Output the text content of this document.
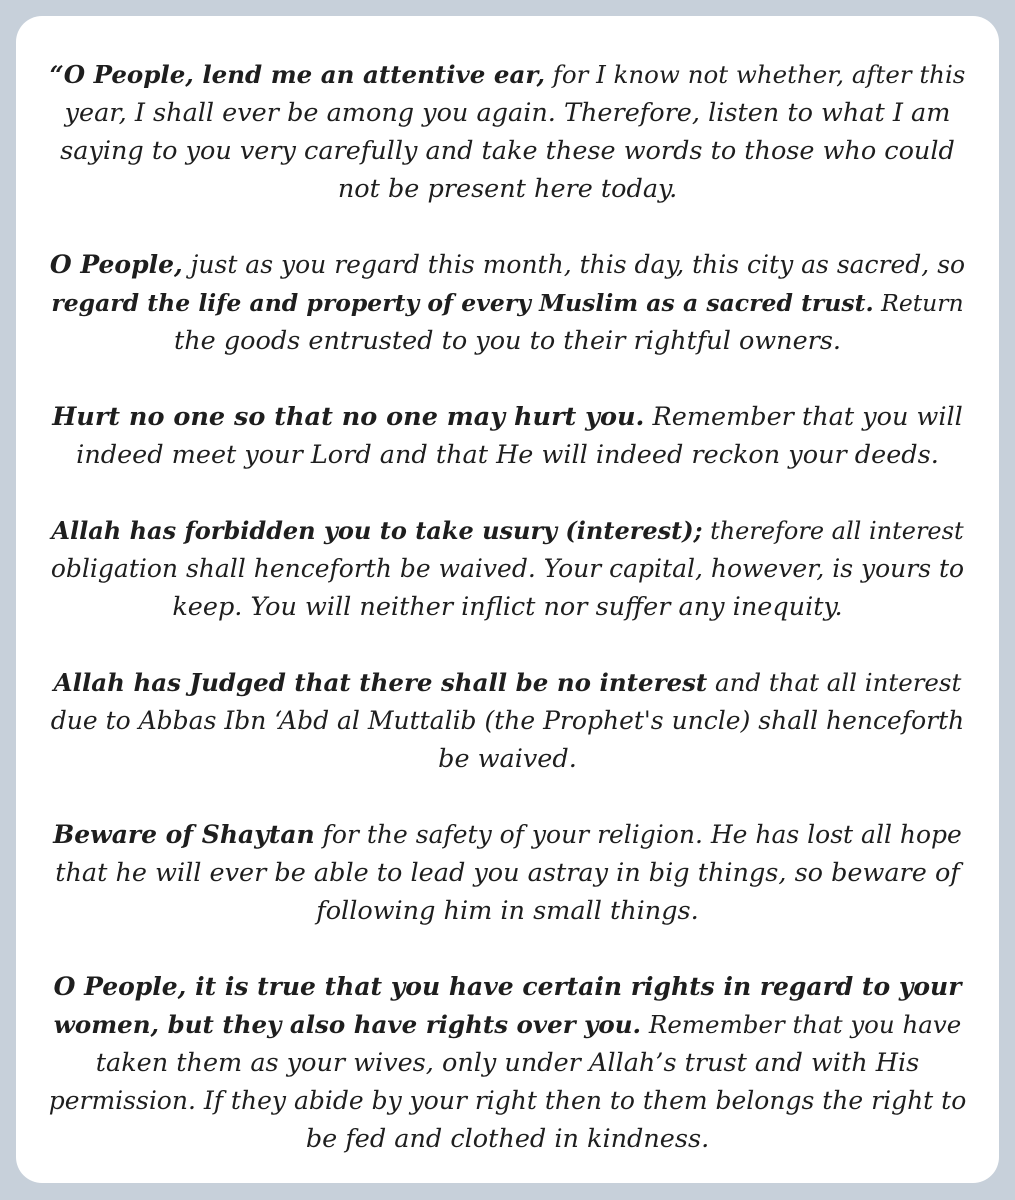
“O People, lend me an attentive ear, for I know not whether, after this
year, I shall ever be among you again. Therefore, listen to what I am
saying to you very carefully and take these words to those who could
not be present here today.

O People, just as you regard this month, this day, this city as sacred, so
regard the life and property of every Muslim as a sacred trust. Return
the goods entrusted to you to their rightful owners.

Hurt no one so that no one may hurt you. Remember that you will
indeed meet your Lord and that He will indeed reckon your deeds.

Allah has forbidden you to take usury (interest); therefore all interest
obligation shall henceforth be waived. Your capital, however, is yours to
keep. You will neither inflict nor suffer any inequity.

Allah has Judged that there shall be no interest and that all interest
due to Abbas Ibn ‘Abd al Muttalib (the Prophet's uncle) shall henceforth
be waived.

Beware of Shaytan for the safety of your religion. He has lost all hope
that he will ever be able to lead you astray in big things, so beware of
following him in small things.

O People, it is true that you have certain rights in regard to your
women, but they also have rights over you. Remember that you have
taken them as your wives, only under Allah’s trust and with His
permission. If they abide by your right then to them belongs the right to
be fed and clothed in kindness.
